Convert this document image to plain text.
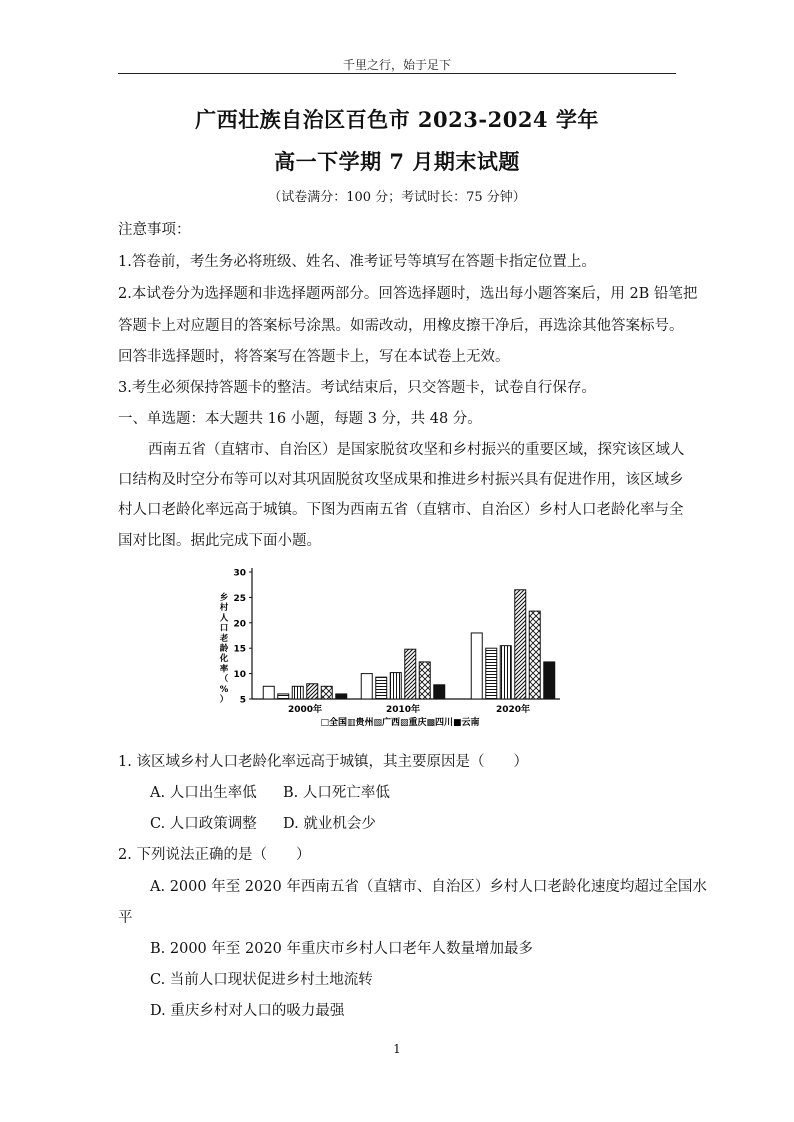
千里之行，始于足下
广西壮族自治区百色市 2023-2024 学年
高一下学期 7 月期末试题
（试卷满分：100 分；考试时长：75 分钟）
注意事项：
1.答卷前，考生务必将班级、姓名、准考证号等填写在答题卡指定位置上。
2.本试卷分为选择题和非选择题两部分。回答选择题时，选出每小题答案后，用 2B 铅笔把
答题卡上对应题目的答案标号涂黑。如需改动，用橡皮擦干净后，再选涂其他答案标号。
回答非选择题时，将答案写在答题卡上，写在本试卷上无效。
3.考生必须保持答题卡的整洁。考试结束后，只交答题卡，试卷自行保存。
一、单选题：本大题共 16 小题，每题 3 分，共 48 分。
西南五省（直辖市、自治区）是国家脱贫攻坚和乡村振兴的重要区域，探究该区域人
口结构及时空分布等可以对其巩固脱贫攻坚成果和推进乡村振兴具有促进作用，该区域乡
村人口老龄化率远高于城镇。下图为西南五省（直辖市、自治区）乡村人口老龄化率与全
国对比图。据此完成下面小题。
5
10
15
20
25
30
乡
村
人
口
老
龄
化
率
（
%
）
2000年	2010年	2020年
□全国▥贵州▧广西▨重庆▩四川■云南
1. 该区域乡村人口老龄化率远高于城镇，其主要原因是（　　）
A. 人口出生率低	B. 人口死亡率低
C. 人口政策调整	D. 就业机会少
2. 下列说法正确的是（　　）
A. 2000 年至 2020 年西南五省（直辖市、自治区）乡村人口老龄化速度均超过全国水
平
B. 2000 年至 2020 年重庆市乡村人口老年人数量增加最多
C. 当前人口现状促进乡村土地流转
D. 重庆乡村对人口的吸力最强
1
